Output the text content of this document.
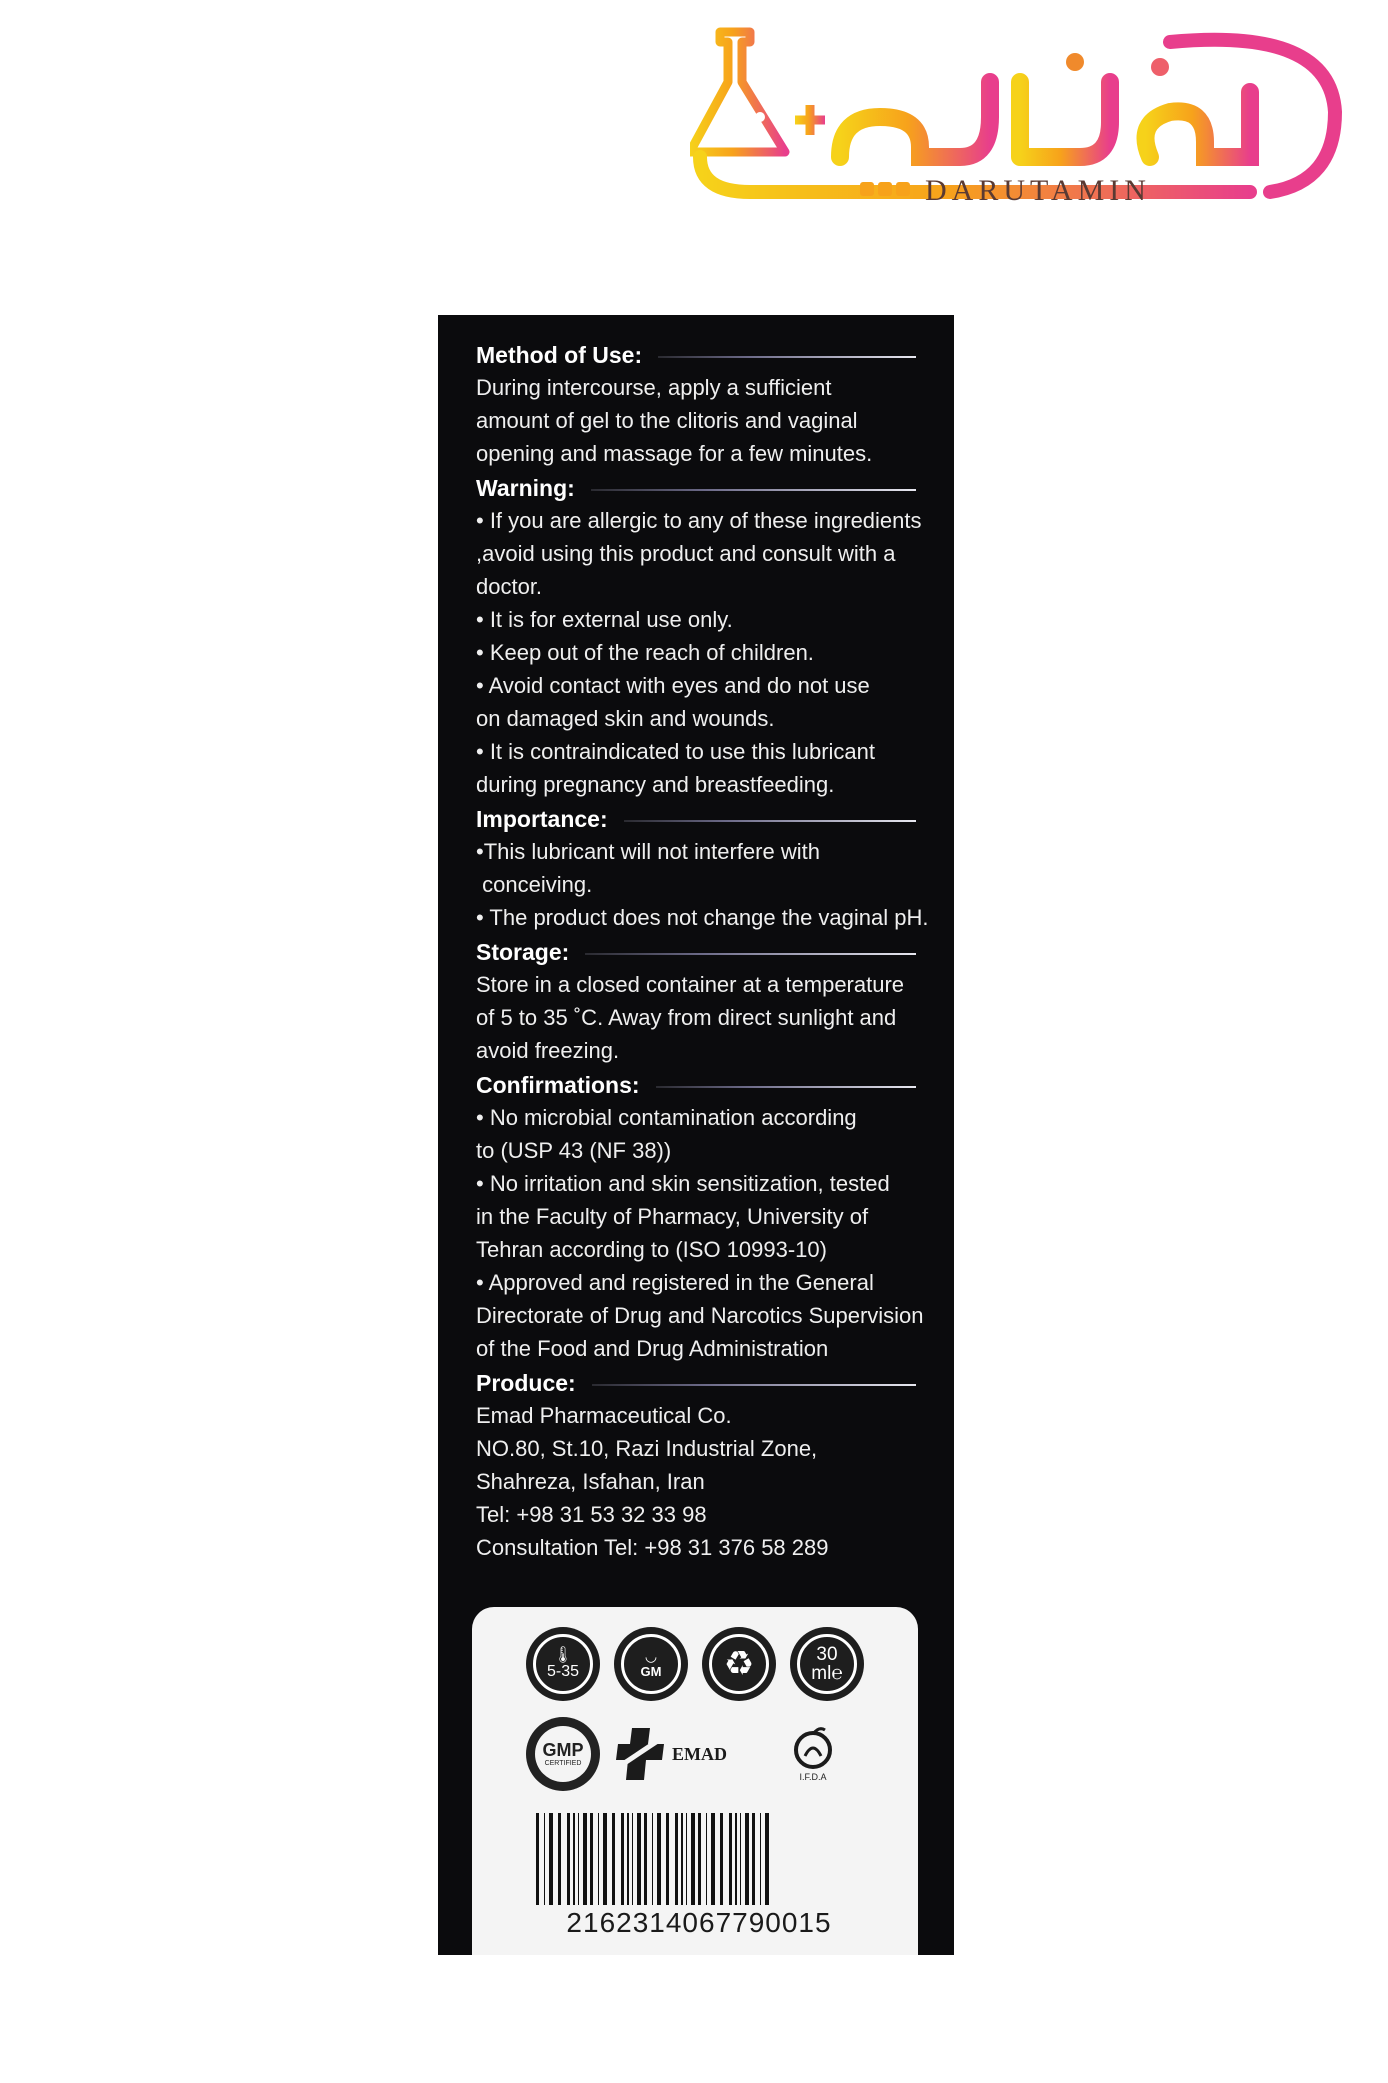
DARUTAMIN
Method of Use:
During intercourse, apply a sufficient
amount of gel to the clitoris and vaginal
opening and massage for a few minutes.
Warning:
• If you are allergic to any of these ingredients
,avoid using this product and consult with a
doctor.
• It is for external use only.
• Keep out of the reach of children.
• Avoid contact with eyes and do not use
on damaged skin and wounds.
• It is contraindicated to use this lubricant
during pregnancy and breastfeeding.
Importance:
•This lubricant will not interfere with
conceiving.
• The product does not change the vaginal pH.
Storage:
Store in a closed container at a temperature
of 5 to 35 ˚C. Away from direct sunlight and
avoid freezing.
Confirmations:
• No microbial contamination according
to (USP 43 (NF 38))
• No irritation and skin sensitization, tested
in the Faculty of Pharmacy, University of
Tehran according to (ISO 10993-10)
• Approved and registered in the General
Directorate of Drug and Narcotics Supervision
of the Food and Drug Administration
Produce:
Emad Pharmaceutical Co.
NO.80, St.10, Razi Industrial Zone,
Shahreza, Isfahan, Iran
Tel: +98 31 53 32 33 98
Consultation Tel: +98 31 376 58 289
🌡
5-35
◡
GM ♻	30
ml℮
GMP
CERTIFIED	EMAD
I.F.D.A
2162314067790015
